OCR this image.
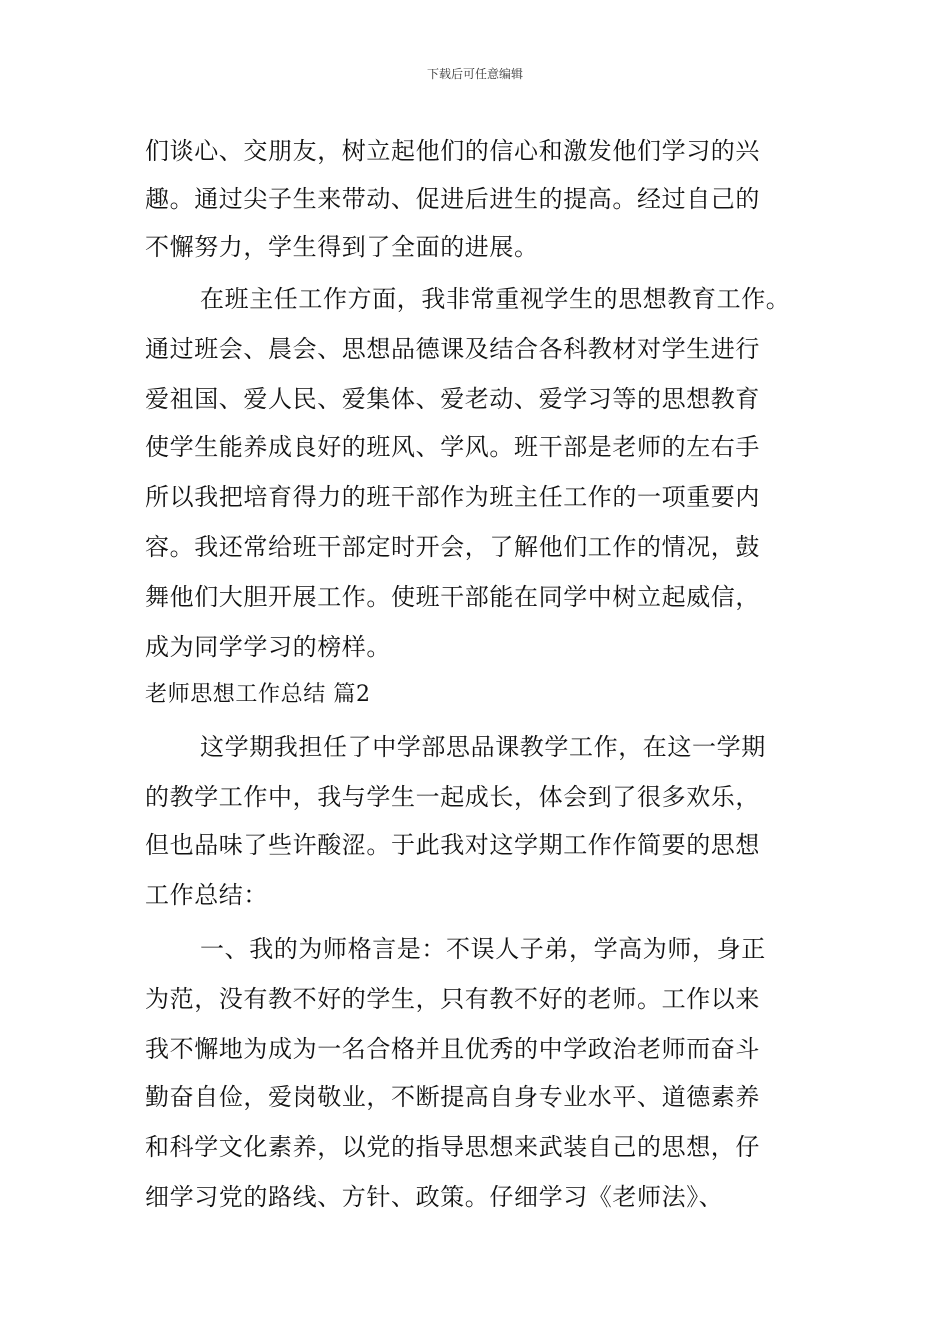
下载后可任意编辑
们谈心、交朋友，树立起他们的信心和激发他们学习的兴
趣。通过尖子生来带动、促进后进生的提高。经过自己的
不懈努力，学生得到了全面的进展。
在班主任工作方面，我非常重视学生的思想教育工作。
通过班会、晨会、思想品德课及结合各科教材对学生进行
爱祖国、爱人民、爱集体、爱老动、爱学习等的思想教育
使学生能养成良好的班风、学风。班干部是老师的左右手
所以我把培育得力的班干部作为班主任工作的一项重要内
容。我还常给班干部定时开会，了解他们工作的情况，鼓
舞他们大胆开展工作。使班干部能在同学中树立起威信，
成为同学学习的榜样。
老师思想工作总结 篇2
这学期我担任了中学部思品课教学工作，在这一学期
的教学工作中，我与学生一起成长，体会到了很多欢乐，
但也品味了些许酸涩。于此我对这学期工作作简要的思想
工作总结：
一、我的为师格言是：不误人子弟，学高为师，身正
为范，没有教不好的学生，只有教不好的老师。工作以来
我不懈地为成为一名合格并且优秀的中学政治老师而奋斗
勤奋自俭，爱岗敬业，不断提高自身专业水平、道德素养
和科学文化素养，以党的指导思想来武装自己的思想，仔
细学习党的路线、方针、政策。仔细学习《老师法》、
